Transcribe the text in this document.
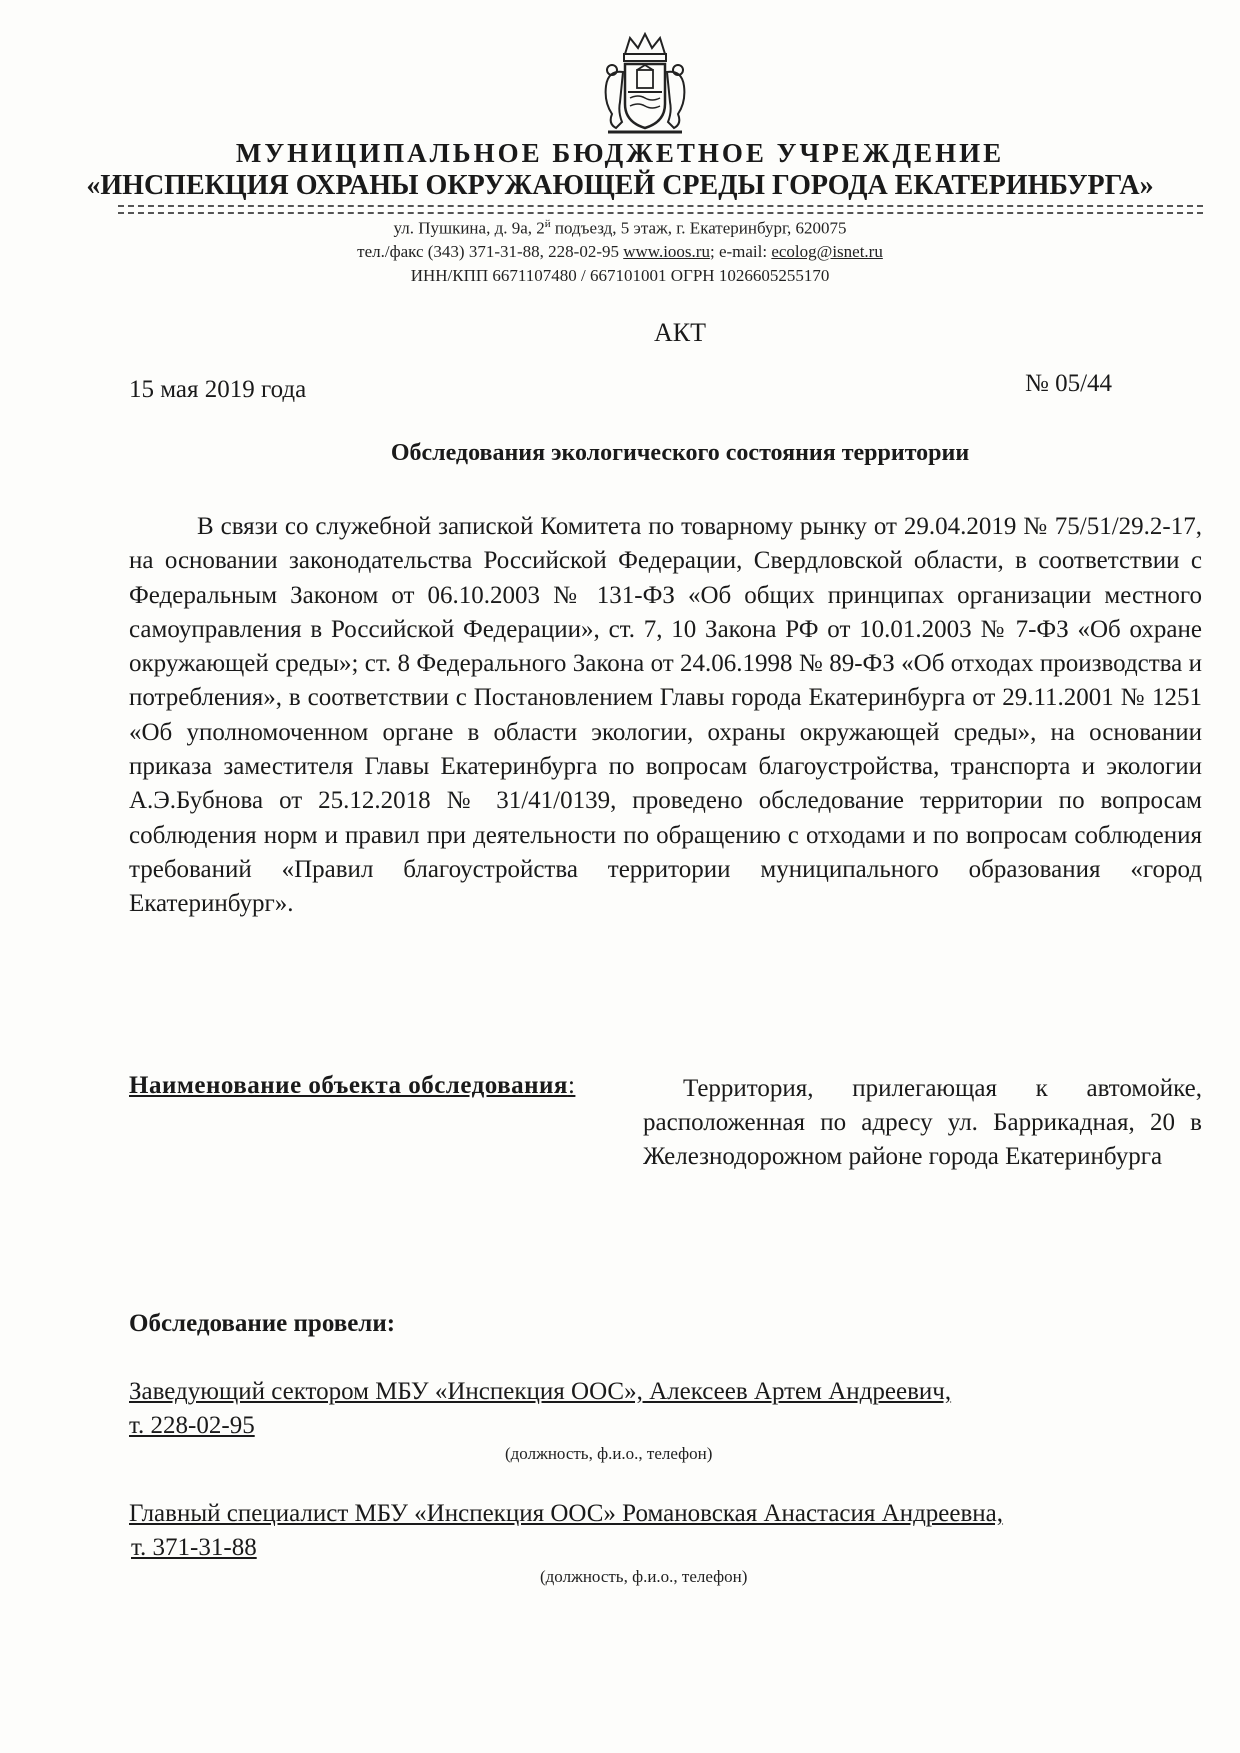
МУНИЦИПАЛЬНОЕ БЮДЖЕТНОЕ УЧРЕЖДЕНИЕ
«ИНСПЕКЦИЯ ОХРАНЫ ОКРУЖАЮЩЕЙ СРЕДЫ ГОРОДА ЕКАТЕРИНБУРГА»
ул. Пушкина, д. 9а, $2^й$ подъезд, 5 этаж, г. Екатеринбург, 620075
тел./факс (343) 371-31-88, 228-02-95 www.ioos.ru; e-mail: ecolog@isnet.ru
ИНН/КПП 6671107480 / 667101001 ОГРН 1026605255170
АКТ
15 мая 2019 года	№ 05/44
Обследования экологического состояния территории

В связи со служебной запиской Комитета по товарному рынку от 29.04.2019 № 75/51/29.2-17, на основании законодательства Российской Федерации, Свердловской области, в соответствии с Федеральным Законом от 06.10.2003 № 131-ФЗ «Об общих принципах организации местного самоуправления в Российской Федерации», ст. 7, 10 Закона РФ от 10.01.2003 № 7-ФЗ «Об охране окружающей среды»; ст. 8 Федерального Закона от 24.06.1998 № 89-ФЗ «Об отходах производства и потребления», в соответствии с Постановлением Главы города Екатеринбурга от 29.11.2001 № 1251 «Об уполномоченном органе в области экологии, охраны окружающей среды», на основании приказа заместителя Главы Екатеринбурга по вопросам благоустройства, транспорта и экологии А.Э.Бубнова от 25.12.2018 № 31/41/0139, проведено обследование территории по вопросам соблюдения норм и правил при деятельности по обращению с отходами и по вопросам соблюдения требований «Правил благоустройства территории муниципального образования «город Екатеринбург».

Наименование объекта обследования:	Территория, прилегающая к автомойке, расположенная по адресу ул. Баррикадная, 20 в Железнодорожном районе города Екатеринбурга

Обследование провели:
Заведующий сектором МБУ «Инспекция ООС», Алексеев Артем Андреевич,
т. 228-02-95
(должность, ф.и.о., телефон)
Главный специалист МБУ «Инспекция ООС» Романовская Анастасия Андреевна,
т. 371-31-88
(должность, ф.и.о., телефон)
